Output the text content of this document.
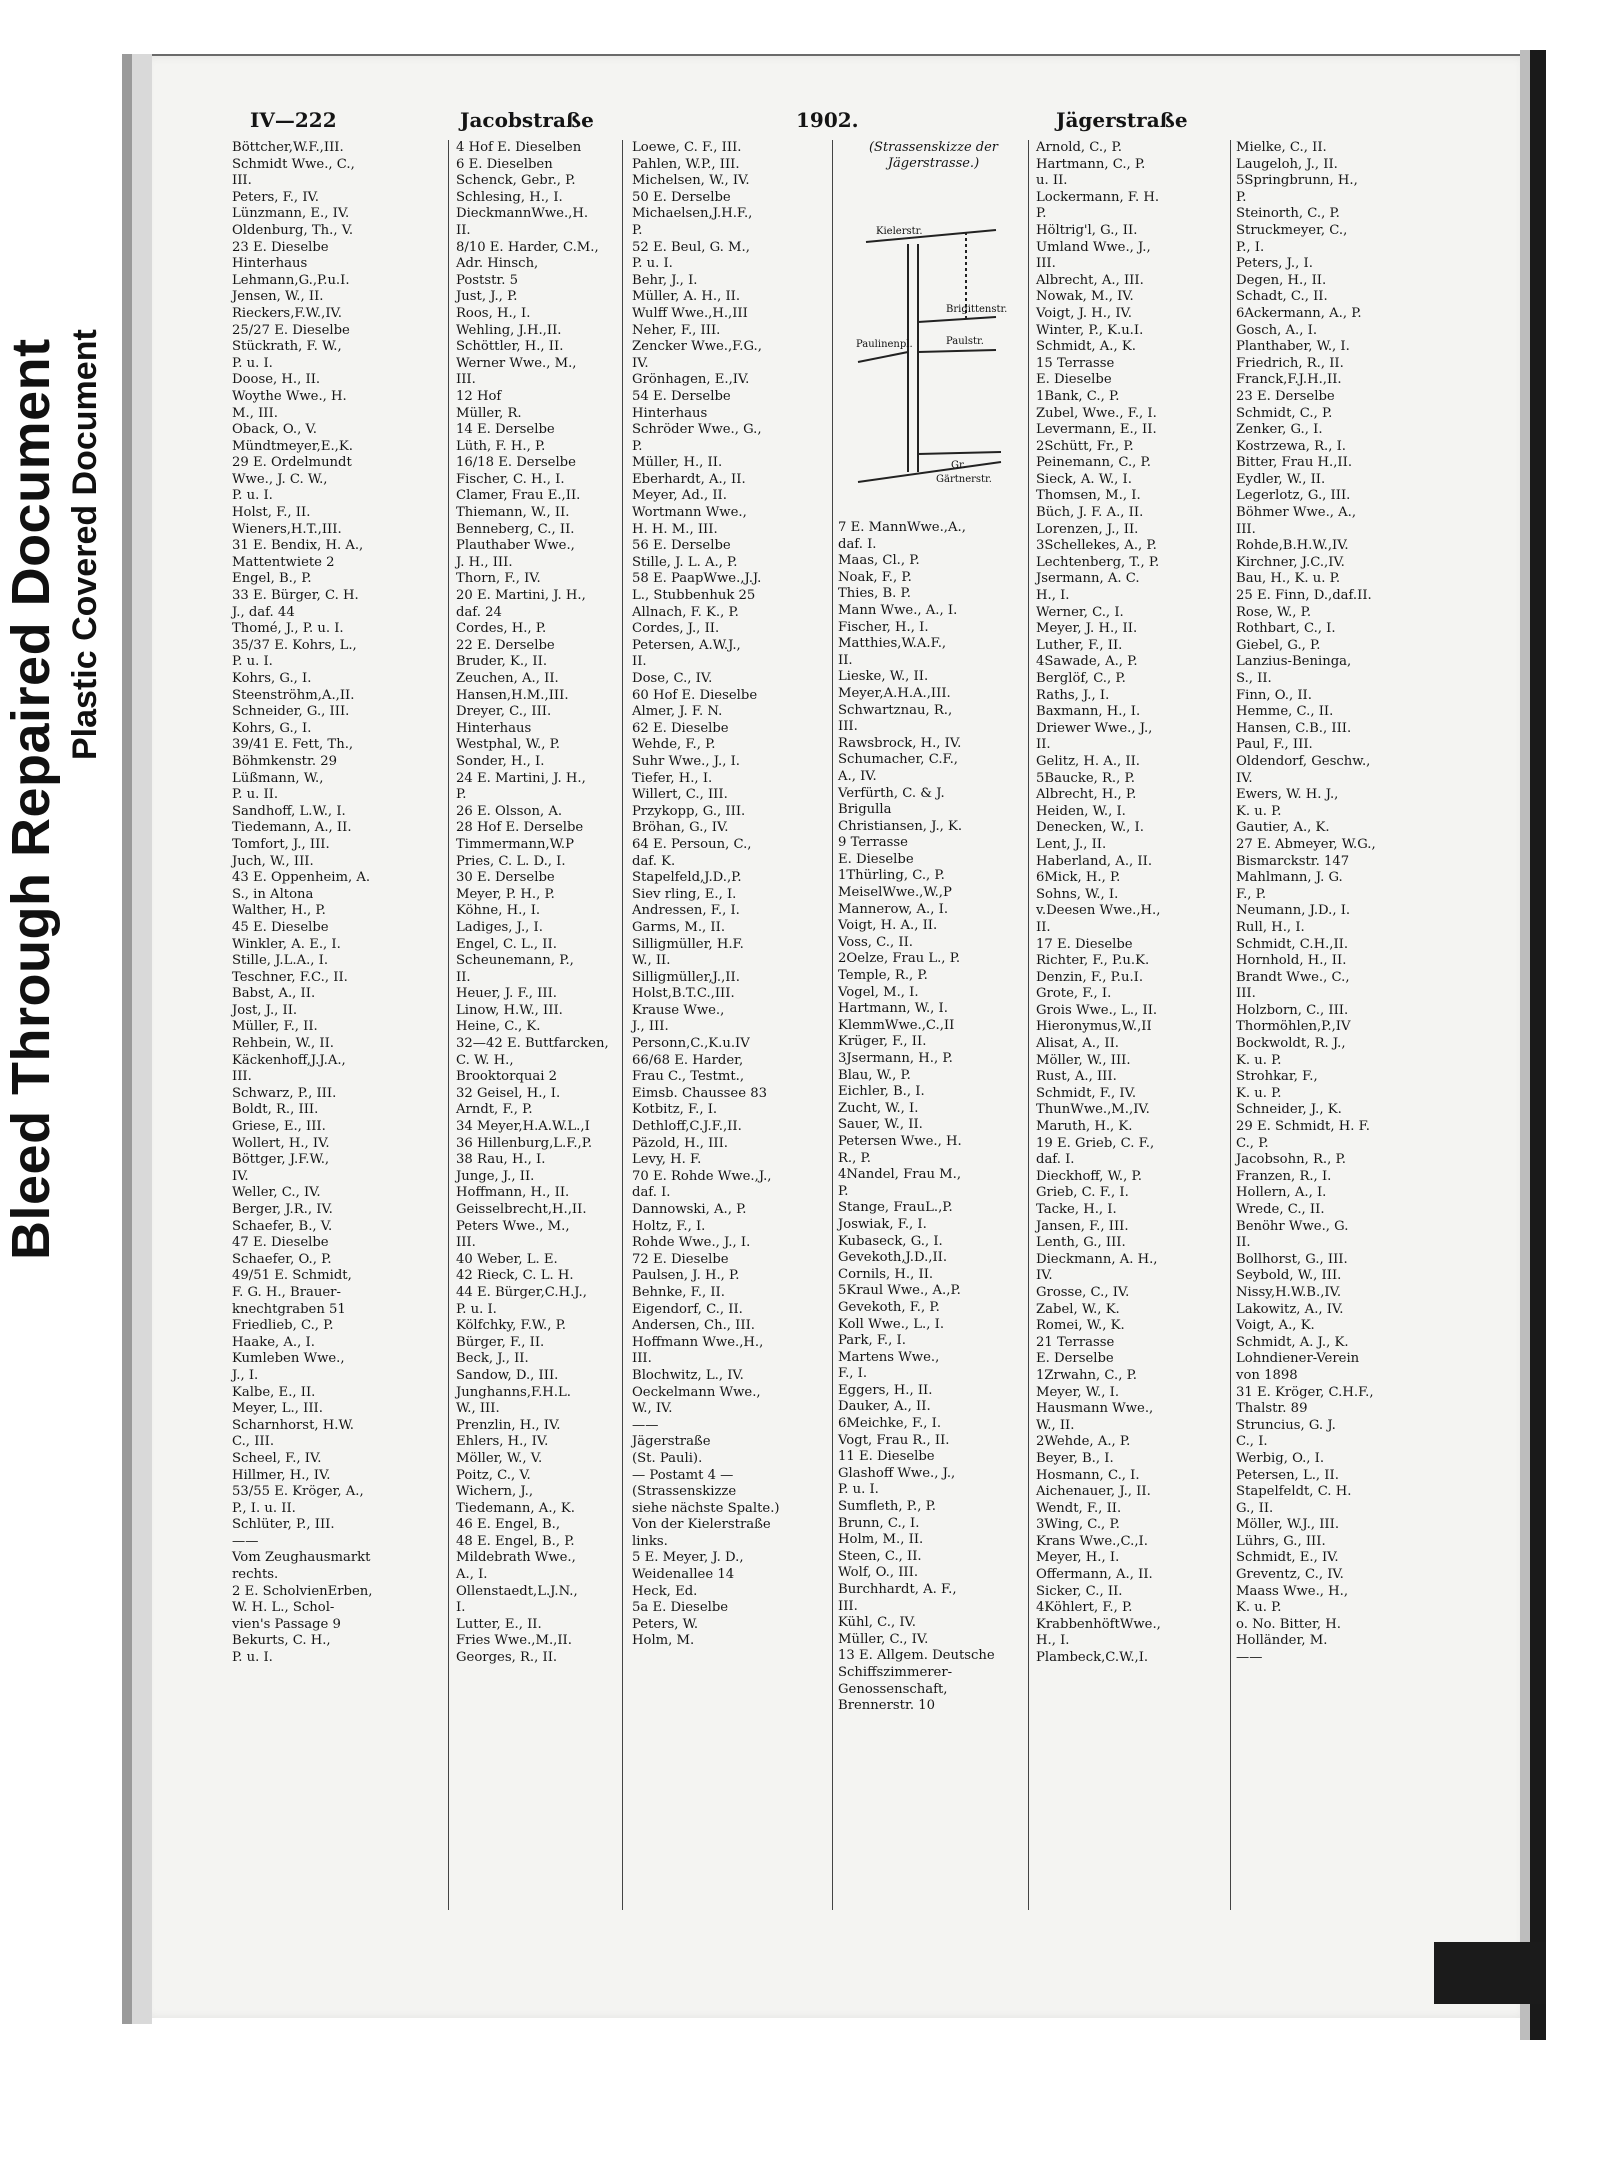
Bleed Through Repaired Document Plastic Covered Document
IV—222	Jacobstraße	1902.	Jägerstraße
Böttcher,W.F.,III.
Schmidt Wwe., C.,
III.
Peters, F., IV.
Lünzmann, E., IV.
Oldenburg, Th., V.
23 E. Dieselbe
Hinterhaus
Lehmann,G.,P.u.I.
Jensen, W., II.
Rieckers,F.W.,IV.
25/27 E. Dieselbe
Stückrath, F. W.,
P. u. I.
Doose, H., II.
Woythe Wwe., H.
M., III.
Oback, O., V.
Mündtmeyer,E.,K.
29 E. Ordelmundt
Wwe., J. C. W.,
P. u. I.
Holst, F., II.
Wieners,H.T.,III.
31 E. Bendix, H. A.,
Mattentwiete 2
Engel, B., P.
33 E. Bürger, C. H.
J., daf. 44
Thomé, J., P. u. I.
35/37 E. Kohrs, L.,
P. u. I.
Kohrs, G., I.
Steenströhm,A.,II.
Schneider, G., III.
Kohrs, G., I.
39/41 E. Fett, Th.,
Böhmkenstr. 29
Lüßmann, W.,
P. u. II.
Sandhoff, L.W., I.
Tiedemann, A., II.
Tomfort, J., III.
Juch, W., III.
43 E. Oppenheim, A.
S., in Altona
Walther, H., P.
45 E. Dieselbe
Winkler, A. E., I.
Stille, J.L.A., I.
Teschner, F.C., II.
Babst, A., II.
Jost, J., II.
Müller, F., II.
Rehbein, W., II.
Käckenhoff,J.J.A.,
III.
Schwarz, P., III.
Boldt, R., III.
Griese, E., III.
Wollert, H., IV.
Böttger, J.F.W.,
IV.
Weller, C., IV.
Berger, J.R., IV.
Schaefer, B., V.
47 E. Dieselbe
Schaefer, O., P.
49/51 E. Schmidt,
F. G. H., Brauer-
knechtgraben 51
Friedlieb, C., P.
Haake, A., I.
Kumleben Wwe.,
J., I.
Kalbe, E., II.
Meyer, L., III.
Scharnhorst, H.W.
C., III.
Scheel, F., IV.
Hillmer, H., IV.
53/55 E. Kröger, A.,
P., I. u. II.
Schlüter, P., III.
——
Vom Zeughausmarkt
rechts.
2 E. ScholvienErben,
W. H. L., Schol-
vien's Passage 9
Bekurts, C. H.,
P. u. I.
4 Hof E. Dieselben
6 E. Dieselben
Schenck, Gebr., P.
Schlesing, H., I.
DieckmannWwe.,H.
II.
8/10 E. Harder, C.M.,
Adr. Hinsch,
Poststr. 5
Just, J., P.
Roos, H., I.
Wehling, J.H.,II.
Schöttler, H., II.
Werner Wwe., M.,
III.
12 Hof
Müller, R.
14 E. Derselbe
Lüth, F. H., P.
16/18 E. Derselbe
Fischer, C. H., I.
Clamer, Frau E.,II.
Thiemann, W., II.
Benneberg, C., II.
Plauthaber Wwe.,
J. H., III.
Thorn, F., IV.
20 E. Martini, J. H.,
daf. 24
Cordes, H., P.
22 E. Derselbe
Bruder, K., II.
Zeuchen, A., II.
Hansen,H.M.,III.
Dreyer, C., III.
Hinterhaus
Westphal, W., P.
Sonder, H., I.
24 E. Martini, J. H.,
P.
26 E. Olsson, A.
28 Hof E. Derselbe
Timmermann,W.P
Pries, C. L. D., I.
30 E. Derselbe
Meyer, P. H., P.
Köhne, H., I.
Ladiges, J., I.
Engel, C. L., II.
Scheunemann, P.,
II.
Heuer, J. F., III.
Linow, H.W., III.
Heine, C., K.
32—42 E. Buttfarcken,
C. W. H.,
Brooktorquai 2
32 Geisel, H., I.
Arndt, F., P.
34 Meyer,H.A.W.L.,I
36 Hillenburg,L.F.,P.
38 Rau, H., I.
Junge, J., II.
Hoffmann, H., II.
Geisselbrecht,H.,II.
Peters Wwe., M.,
III.
40 Weber, L. E.
42 Rieck, C. L. H.
44 E. Bürger,C.H.J.,
P. u. I.
Kölfchky, F.W., P.
Bürger, F., II.
Beck, J., II.
Sandow, D., III.
Junghanns,F.H.L.
W., III.
Prenzlin, H., IV.
Ehlers, H., IV.
Möller, W., V.
Poitz, C., V.
Wichern, J.,
Tiedemann, A., K.
46 E. Engel, B.,
48 E. Engel, B., P.
Mildebrath Wwe.,
A., I.
Ollenstaedt,L.J.N.,
I.
Lutter, E., II.
Fries Wwe.,M.,II.
Georges, R., II.
Loewe, C. F., III.
Pahlen, W.P., III.
Michelsen, W., IV.
50 E. Derselbe
Michaelsen,J.H.F.,
P.
52 E. Beul, G. M.,
P. u. I.
Behr, J., I.
Müller, A. H., II.
Wulff Wwe.,H.,III
Neher, F., III.
Zencker Wwe.,F.G.,
IV.
Grönhagen, E.,IV.
54 E. Derselbe
Hinterhaus
Schröder Wwe., G.,
P.
Müller, H., II.
Eberhardt, A., II.
Meyer, Ad., II.
Wortmann Wwe.,
H. H. M., III.
56 E. Derselbe
Stille, J. L. A., P.
58 E. PaapWwe.,J.J.
L., Stubbenhuk 25
Allnach, F. K., P.
Cordes, J., II.
Petersen, A.W.J.,
II.
Dose, C., IV.
60 Hof E. Dieselbe
Almer, J. F. N.
62 E. Dieselbe
Wehde, F., P.
Suhr Wwe., J., I.
Tiefer, H., I.
Willert, C., III.
Przykopp, G., III.
Bröhan, G., IV.
64 E. Persoun, C.,
daf. K.
Stapelfeld,J.D.,P.
Siev rling, E., I.
Andressen, F., I.
Garms, M., II.
Silligmüller, H.F.
W., II.
Silligmüller,J.,II.
Holst,B.T.C.,III.
Krause Wwe.,
J., III.
Personn,C.,K.u.IV
66/68 E. Harder,
Frau C., Testmt.,
Eimsb. Chaussee 83
Kotbitz, F., I.
Dethloff,C.J.F.,II.
Päzold, H., III.
Levy, H. F.
70 E. Rohde Wwe.,J.,
daf. I.
Dannowski, A., P.
Holtz, F., I.
Rohde Wwe., J., I.
72 E. Dieselbe
Paulsen, J. H., P.
Behnke, F., II.
Eigendorf, C., II.
Andersen, Ch., III.
Hoffmann Wwe.,H.,
III.
Blochwitz, L., IV.
Oeckelmann Wwe.,
W., IV.
——
Jägerstraße
(St. Pauli).
— Postamt 4 —
(Strassenskizze
siehe nächste Spalte.)
Von der Kielerstraße
links.
5 E. Meyer, J. D.,
Weidenallee 14
Heck, Ed.
5a E. Dieselbe
Peters, W.
Holm, M.
7 E. MannWwe.,A.,
daf. I.
Maas, Cl., P.
Noak, F., P.
Thies, B. P.
Mann Wwe., A., I.
Fischer, H., I.
Matthies,W.A.F.,
II.
Lieske, W., II.
Meyer,A.H.A.,III.
Schwartznau, R.,
III.
Rawsbrock, H., IV.
Schumacher, C.F.,
A., IV.
Verfürth, C. & J.
Brigulla
Christiansen, J., K.
9 Terrasse
E. Dieselbe
1Thürling, C., P.
MeiselWwe.,W.,P
Mannerow, A., I.
Voigt, H. A., II.
Voss, C., II.
2Oelze, Frau L., P.
Temple, R., P.
Vogel, M., I.
Hartmann, W., I.
KlemmWwe.,C.,II
Krüger, F., II.
3Jsermann, H., P.
Blau, W., P.
Eichler, B., I.
Zucht, W., I.
Sauer, W., II.
Petersen Wwe., H.
R., P.
4Nandel, Frau M.,
P.
Stange, FrauL.,P.
Joswiak, F., I.
Kubaseck, G., I.
Gevekoth,J.D.,II.
Cornils, H., II.
5Kraul Wwe., A.,P.
Gevekoth, F., P.
Koll Wwe., L., I.
Park, F., I.
Martens Wwe.,
F., I.
Eggers, H., II.
Dauker, A., II.
6Meichke, F., I.
Vogt, Frau R., II.
11 E. Dieselbe
Glashoff Wwe., J.,
P. u. I.
Sumfleth, P., P.
Brunn, C., I.
Holm, M., II.
Steen, C., II.
Wolf, O., III.
Burchhardt, A. F.,
III.
Kühl, C., IV.
Müller, C., IV.
13 E. Allgem. Deutsche
Schiffszimmerer-
Genossenschaft,
Brennerstr. 10
Arnold, C., P.
Hartmann, C., P.
u. II.
Lockermann, F. H.
P.
Höltrig'l, G., II.
Umland Wwe., J.,
III.
Albrecht, A., III.
Nowak, M., IV.
Voigt, J. H., IV.
Winter, P., K.u.I.
Schmidt, A., K.
15 Terrasse
E. Dieselbe
1Bank, C., P.
Zubel, Wwe., F., I.
Levermann, E., II.
2Schütt, Fr., P.
Peinemann, C., P.
Sieck, A. W., I.
Thomsen, M., I.
Büch, J. F. A., II.
Lorenzen, J., II.
3Schellekes, A., P.
Lechtenberg, T., P.
Jsermann, A. C.
H., I.
Werner, C., I.
Meyer, J. H., II.
Luther, F., II.
4Sawade, A., P.
Berglöf, C., P.
Raths, J., I.
Baxmann, H., I.
Driewer Wwe., J.,
II.
Gelitz, H. A., II.
5Baucke, R., P.
Albrecht, H., P.
Heiden, W., I.
Denecken, W., I.
Lent, J., II.
Haberland, A., II.
6Mick, H., P.
Sohns, W., I.
v.Deesen Wwe.,H.,
II.
17 E. Dieselbe
Richter, F., P.u.K.
Denzin, F., P.u.I.
Grote, F., I.
Grois Wwe., L., II.
Hieronymus,W.,II
Alisat, A., II.
Möller, W., III.
Rust, A., III.
Schmidt, F., IV.
ThunWwe.,M.,IV.
Maruth, H., K.
19 E. Grieb, C. F.,
daf. I.
Dieckhoff, W., P.
Grieb, C. F., I.
Tacke, H., I.
Jansen, F., III.
Lenth, G., III.
Dieckmann, A. H.,
IV.
Grosse, C., IV.
Zabel, W., K.
Romei, W., K.
21 Terrasse
E. Derselbe
1Zrwahn, C., P.
Meyer, W., I.
Hausmann Wwe.,
W., II.
2Wehde, A., P.
Beyer, B., I.
Hosmann, C., I.
Aichenauer, J., II.
Wendt, F., II.
3Wing, C., P.
Krans Wwe.,C.,I.
Meyer, H., I.
Offermann, A., II.
Sicker, C., II.
4Köhlert, F., P.
KrabbenhöftWwe.,
H., I.
Plambeck,C.W.,I.
Mielke, C., II.
Laugeloh, J., II.
5Springbrunn, H.,
P.
Steinorth, C., P.
Struckmeyer, C.,
P., I.
Peters, J., I.
Degen, H., II.
Schadt, C., II.
6Ackermann, A., P.
Gosch, A., I.
Planthaber, W., I.
Friedrich, R., II.
Franck,F.J.H.,II.
23 E. Derselbe
Schmidt, C., P.
Zenker, G., I.
Kostrzewa, R., I.
Bitter, Frau H.,II.
Eydler, W., II.
Legerlotz, G., III.
Böhmer Wwe., A.,
III.
Rohde,B.H.W.,IV.
Kirchner, J.C.,IV.
Bau, H., K. u. P.
25 E. Finn, D.,daf.II.
Rose, W., P.
Rothbart, C., I.
Giebel, G., P.
Lanzius-Beninga,
S., II.
Finn, O., II.
Hemme, C., II.
Hansen, C.B., III.
Paul, F., III.
Oldendorf, Geschw.,
IV.
Ewers, W. H. J.,
K. u. P.
Gautier, A., K.
27 E. Abmeyer, W.G.,
Bismarckstr. 147
Mahlmann, J. G.
F., P.
Neumann, J.D., I.
Rull, H., I.
Schmidt, C.H.,II.
Hornhold, H., II.
Brandt Wwe., C.,
III.
Holzborn, C., III.
Thormöhlen,P.,IV
Bockwoldt, R. J.,
K. u. P.
Strohkar, F.,
K. u. P.
Schneider, J., K.
29 E. Schmidt, H. F.
C., P.
Jacobsohn, R., P.
Franzen, R., I.
Hollern, A., I.
Wrede, C., II.
Benöhr Wwe., G.
II.
Bollhorst, G., III.
Seybold, W., III.
Nissy,H.W.B.,IV.
Lakowitz, A., IV.
Voigt, A., K.
Schmidt, A. J., K.
Lohndiener-Verein
von 1898
31 E. Kröger, C.H.F.,
Thalstr. 89
Struncius, G. J.
C., I.
Werbig, O., I.
Petersen, L., II.
Stapelfeldt, C. H.
G., II.
Möller, W.J., III.
Lührs, G., III.
Schmidt, E., IV.
Greventz, C., IV.
Maass Wwe., H.,
K. u. P.
o. No. Bitter, H.
Holländer, M.
——
(Strassenskizze der Jägerstrasse.)
Kielerstr.
Brigittenstr.
Paulinenpl.	Paulstr.
Gr.
Gärtnerstr.
